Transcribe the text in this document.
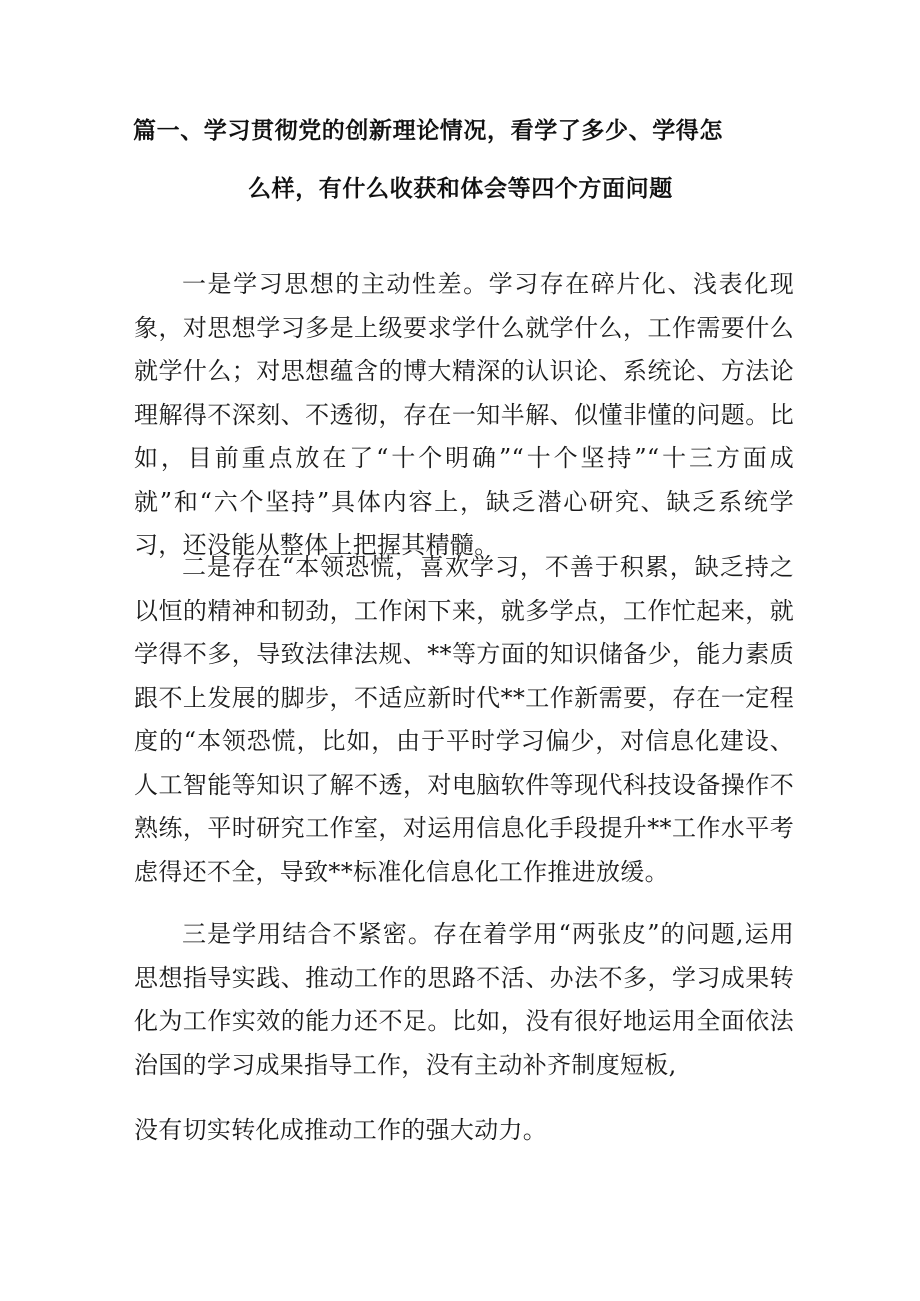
篇一、学习贯彻党的创新理论情况，看学了多少、学得怎
么样，有什么收获和体会等四个方面问题

一是学习思想的主动性差。学习存在碎片化、浅表化现象，对思想学习多是上级要求学什么就学什么，工作需要什么就学什么；对思想蕴含的博大精深的认识论、系统论、方法论理解得不深刻、不透彻，存在一知半解、似懂非懂的问题。比如，目前重点放在了“十个明确”“十个坚持”“十三方面成就”和“六个坚持”具体内容上，缺乏潜心研究、缺乏系统学习，还没能从整体上把握其精髓。

二是存在“本领恐慌，喜欢学习，不善于积累，缺乏持之以恒的精神和韧劲，工作闲下来，就多学点，工作忙起来，就学得不多，导致法律法规、**等方面的知识储备少，能力素质跟不上发展的脚步，不适应新时代**工作新需要，存在一定程度的“本领恐慌，比如，由于平时学习偏少，对信息化建设、人工智能等知识了解不透，对电脑软件等现代科技设备操作不熟练，平时研究工作室，对运用信息化手段提升**工作水平考虑得还不全，导致**标准化信息化工作推进放缓。

三是学用结合不紧密。存在着学用“两张皮”的问题,运用思想指导实践、推动工作的思路不活、办法不多，学习成果转化为工作实效的能力还不足。比如，没有很好地运用全面依法治国的学习成果指导工作，没有主动补齐制度短板,

没有切实转化成推动工作的强大动力。
